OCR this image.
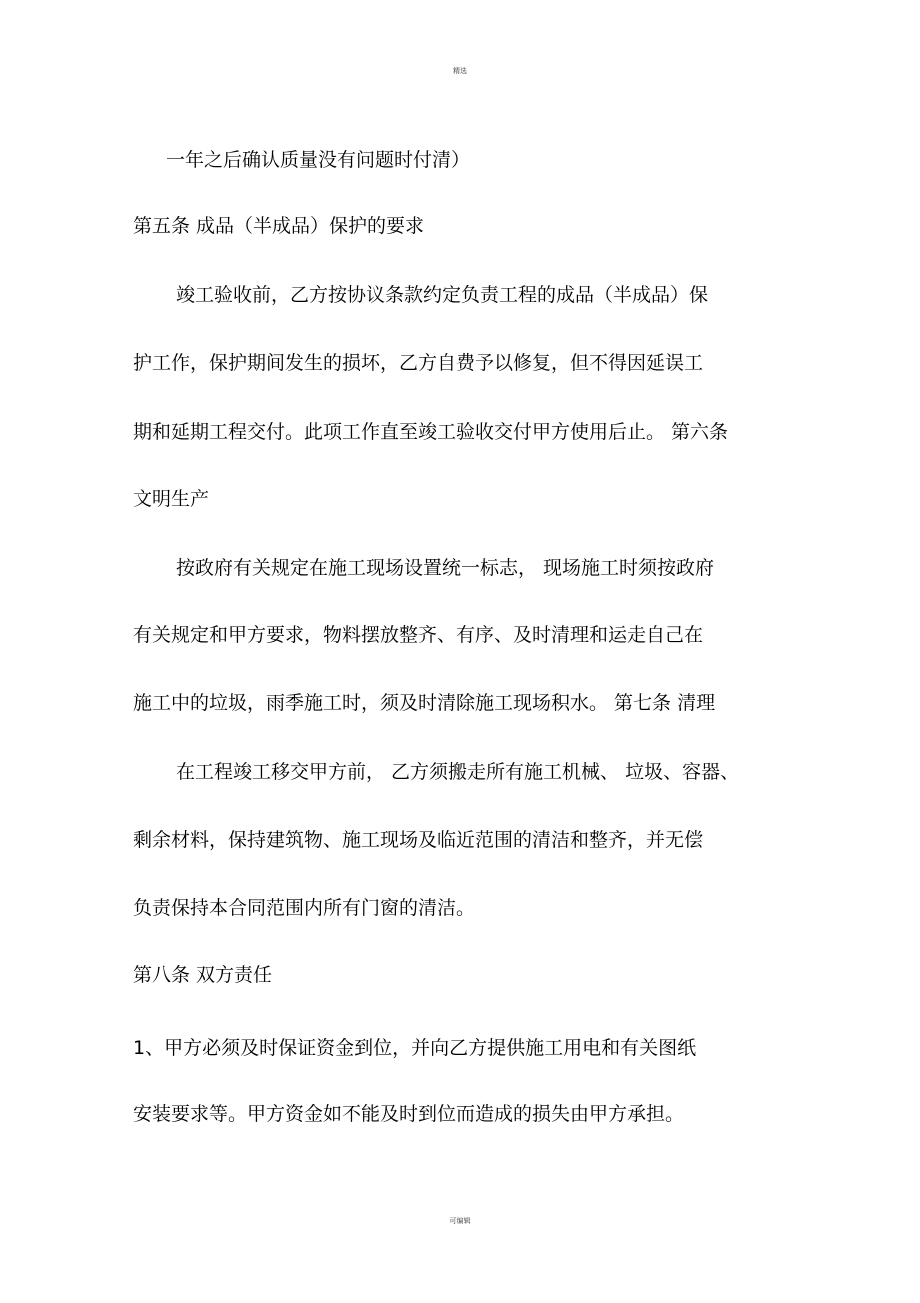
精选
一年之后确认质量没有问题时付清）
第五条 成品（半成品）保护的要求
竣工验收前，乙方按协议条款约定负责工程的成品（半成品）保
护工作，保护期间发生的损坏，乙方自费予以修复，但不得因延误工
期和延期工程交付。此项工作直至竣工验收交付甲方使用后止。 第六条
文明生产
按政府有关规定在施工现场设置统一标志， 现场施工时须按政府
有关规定和甲方要求，物料摆放整齐、有序、及时清理和运走自己在
施工中的垃圾，雨季施工时，须及时清除施工现场积水。 第七条 清理
在工程竣工移交甲方前， 乙方须搬走所有施工机械、 垃圾、容器、
剩余材料，保持建筑物、施工现场及临近范围的清洁和整齐，并无偿
负责保持本合同范围内所有门窗的清洁。
第八条 双方责任
1、甲方必须及时保证资金到位，并向乙方提供施工用电和有关图纸
安装要求等。甲方资金如不能及时到位而造成的损失由甲方承担。
可编辑
